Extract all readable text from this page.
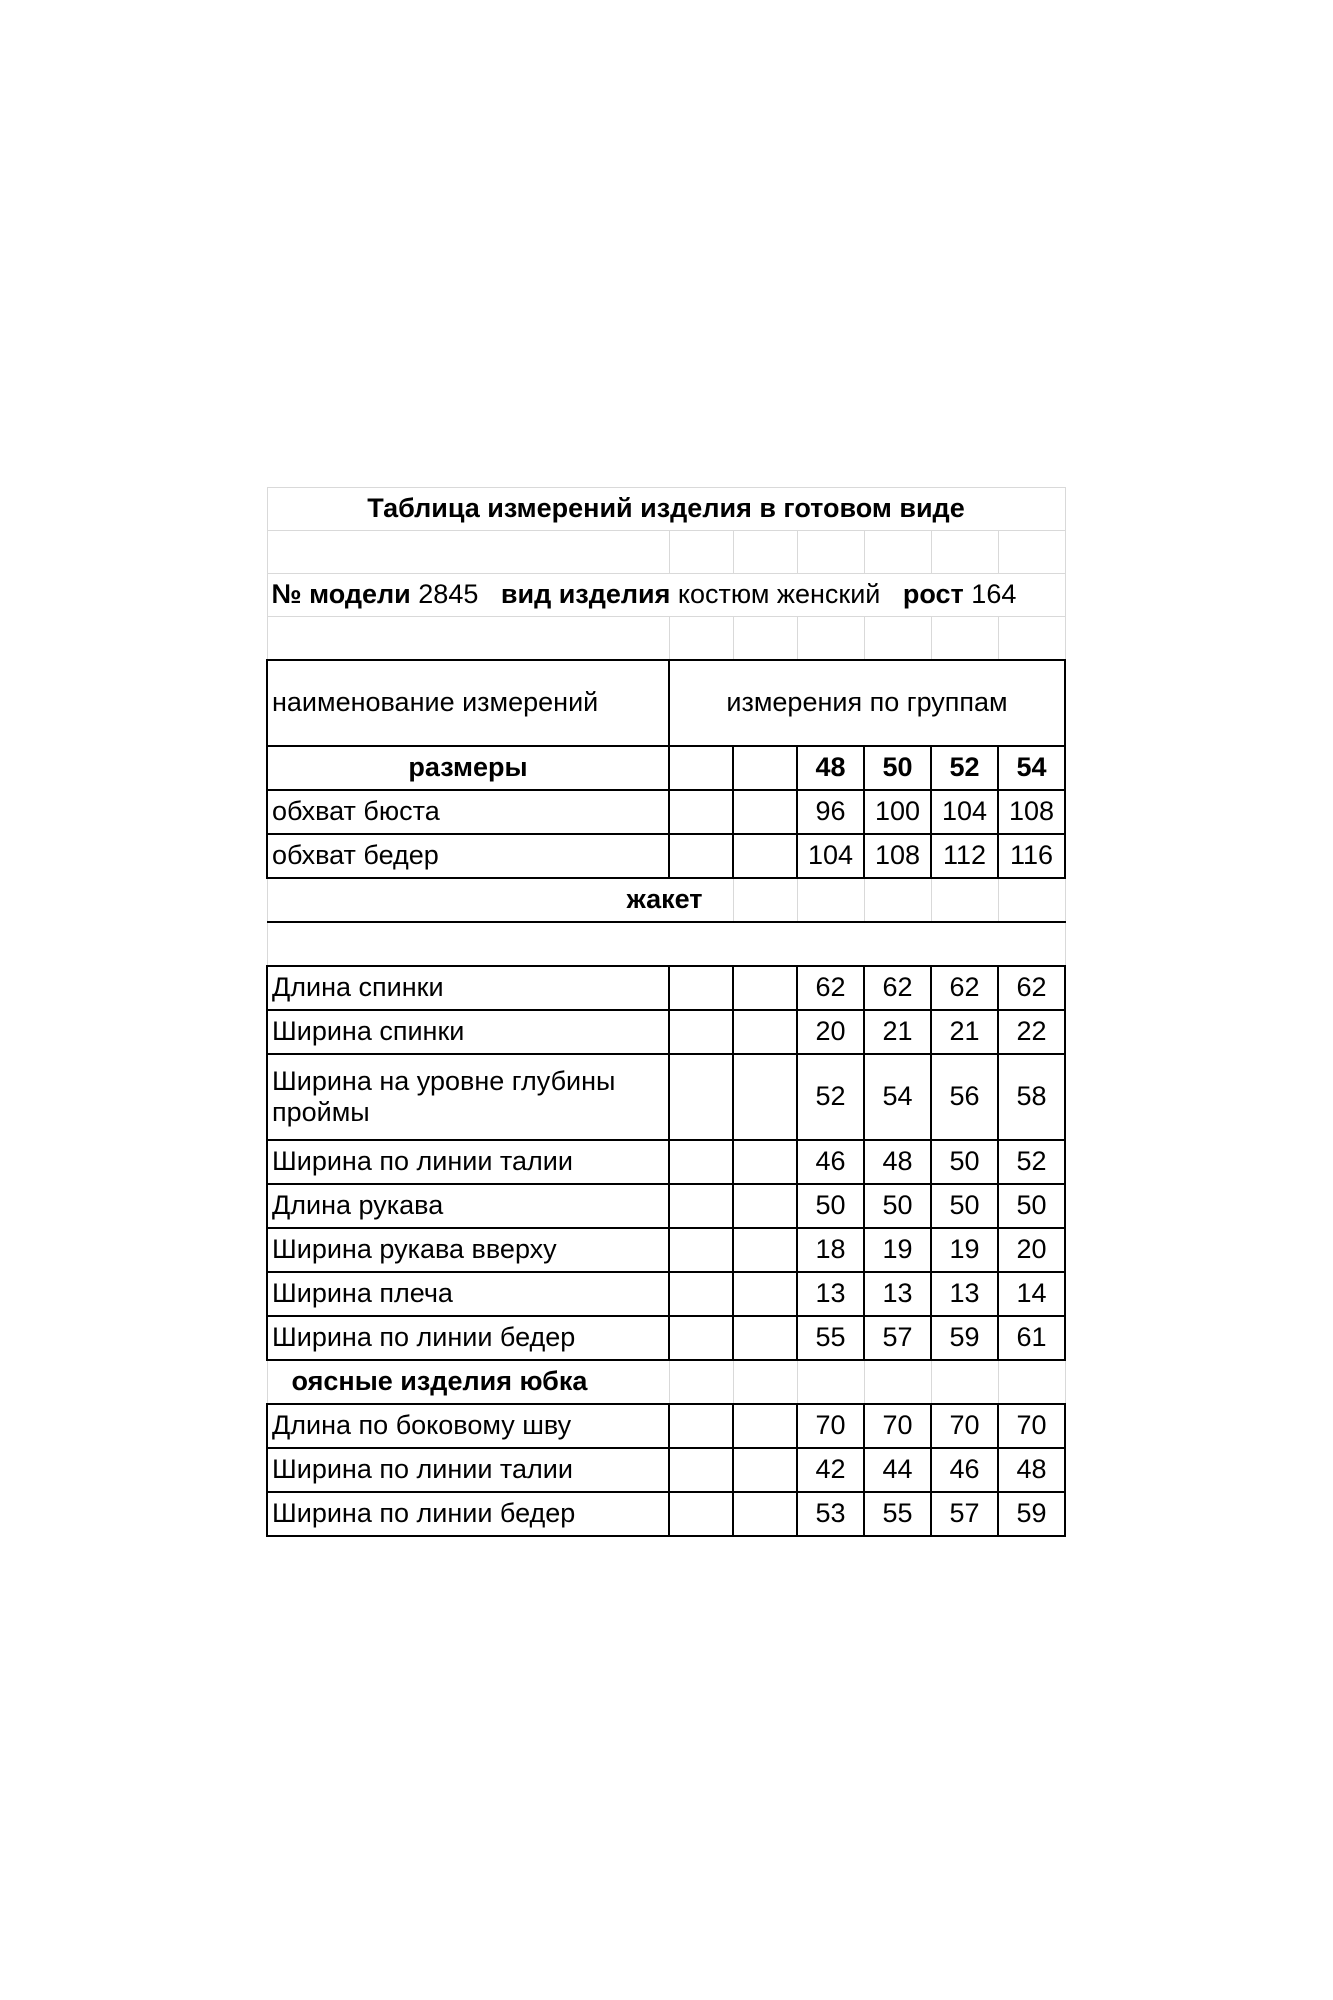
Таблица измерений изделия в готовом виде						

№ модели 2845 вид изделия костюм женский рост 164						

наименование измерений	измерения по группам					
размеры			48	50	52	54
обхват бюста			96	100	104	108
обхват бедер			104	108	112	116
жакет						

Длина спинки			62	62	62	62
Ширина спинки			20	21	21	22
Ширина на уровне глубины проймы			52	54	56	58
Ширина по линии талии			46	48	50	52
Длина рукава			50	50	50	50
Ширина рукава вверху			18	19	19	20
Ширина плеча			13	13	13	14
Ширина по линии бедер			55	57	59	61
оясные изделия юбка						
Длина по боковому шву			70	70	70	70
Ширина по линии талии			42	44	46	48
Ширина по линии бедер			53	55	57	59
